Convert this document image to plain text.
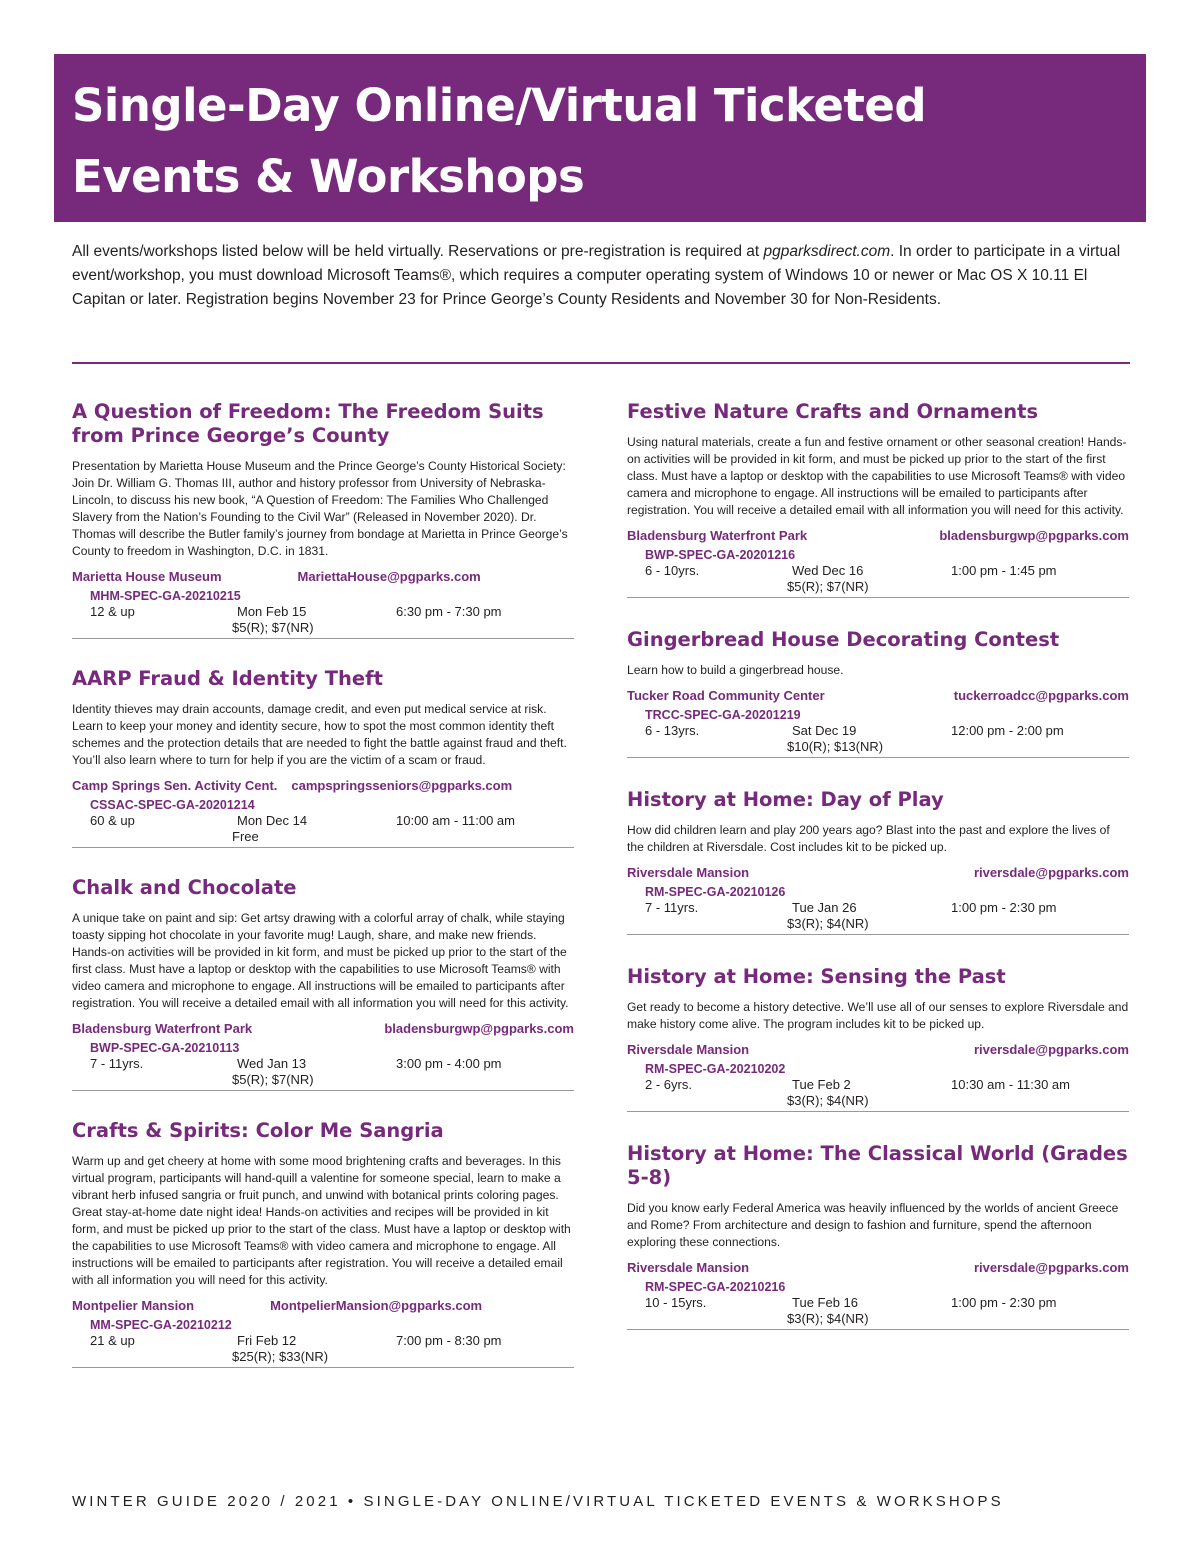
Single-Day Online/Virtual Ticketed
Events & Workshops

All events/workshops listed below will be held virtually. Reservations or pre-registration is required at pgparksdirect.com. In order to participate in a virtual event/workshop, you must download Microsoft Teams®, which requires a computer operating system of Windows 10 or newer or Mac OS X 10.11 El Capitan or later. Registration begins November 23 for Prince George’s County Residents and November 30 for Non-Residents.

A Question of Freedom: The Freedom Suits from Prince George’s County

Presentation by Marietta House Museum and the Prince George’s County Historical Society: Join Dr. William G. Thomas III, author and history professor from University of Nebraska-Lincoln, to discuss his new book, “A Question of Freedom: The Families Who Challenged Slavery from the Nation’s Founding to the Civil War” (Released in November 2020). Dr. Thomas will describe the Butler family’s journey from bondage at Marietta in Prince George’s County to freedom in Washington, D.C. in 1831.

Marietta House Museum	MariettaHouse@pgparks.com
MHM-SPEC-GA-20210215
12 & up	Mon Feb 15	6:30 pm - 7:30 pm
$5(R); $7(NR)
AARP Fraud & Identity Theft

Identity thieves may drain accounts, damage credit, and even put medical service at risk. Learn to keep your money and identity secure, how to spot the most common identity theft schemes and the protection details that are needed to fight the battle against fraud and theft. You’ll also learn where to turn for help if you are the victim of a scam or fraud.

Camp Springs Sen. Activity Cent. campspringsseniors@pgparks.com
CSSAC-SPEC-GA-20201214
60 & up	Mon Dec 14	10:00 am - 11:00 am
Free
Chalk and Chocolate

A unique take on paint and sip: Get artsy drawing with a colorful array of chalk, while staying toasty sipping hot chocolate in your favorite mug! Laugh, share, and make new friends. Hands-on activities will be provided in kit form, and must be picked up prior to the start of the first class. Must have a laptop or desktop with the capabilities to use Microsoft Teams® with video camera and microphone to engage. All instructions will be emailed to participants after registration. You will receive a detailed email with all information you will need for this activity.

Bladensburg Waterfront Park	bladensburgwp@pgparks.com
BWP-SPEC-GA-20210113
7 - 11yrs.	Wed Jan 13	3:00 pm - 4:00 pm
$5(R); $7(NR)
Crafts & Spirits: Color Me Sangria

Warm up and get cheery at home with some mood brightening crafts and beverages. In this virtual program, participants will hand-quill a valentine for someone special, learn to make a vibrant herb infused sangria or fruit punch, and unwind with botanical prints coloring pages. Great stay-at-home date night idea! Hands-on activities and recipes will be provided in kit form, and must be picked up prior to the start of the class. Must have a laptop or desktop with the capabilities to use Microsoft Teams® with video camera and microphone to engage. All instructions will be emailed to participants after registration. You will receive a detailed email with all information you will need for this activity.

Montpelier Mansion	MontpelierMansion@pgparks.com
MM-SPEC-GA-20210212
21 & up	Fri Feb 12	7:00 pm - 8:30 pm
$25(R); $33(NR)
Festive Nature Crafts and Ornaments

Using natural materials, create a fun and festive ornament or other seasonal creation! Hands-on activities will be provided in kit form, and must be picked up prior to the start of the first class. Must have a laptop or desktop with the capabilities to use Microsoft Teams® with video camera and microphone to engage. All instructions will be emailed to participants after registration. You will receive a detailed email with all information you will need for this activity.

Bladensburg Waterfront Park	bladensburgwp@pgparks.com
BWP-SPEC-GA-20201216
6 - 10yrs.	Wed Dec 16	1:00 pm - 1:45 pm
$5(R); $7(NR)
Gingerbread House Decorating Contest

Learn how to build a gingerbread house.

Tucker Road Community Center	tuckerroadcc@pgparks.com
TRCC-SPEC-GA-20201219
6 - 13yrs.	Sat Dec 19	12:00 pm - 2:00 pm
$10(R); $13(NR)
History at Home: Day of Play

How did children learn and play 200 years ago? Blast into the past and explore the lives of the children at Riversdale. Cost includes kit to be picked up.

Riversdale Mansion	riversdale@pgparks.com
RM-SPEC-GA-20210126
7 - 11yrs.	Tue Jan 26	1:00 pm - 2:30 pm
$3(R); $4(NR)
History at Home: Sensing the Past

Get ready to become a history detective. We’ll use all of our senses to explore Riversdale and make history come alive. The program includes kit to be picked up.

Riversdale Mansion	riversdale@pgparks.com
RM-SPEC-GA-20210202
2 - 6yrs.	Tue Feb 2	10:30 am - 11:30 am
$3(R); $4(NR)
History at Home: The Classical World (Grades 5-8)

Did you know early Federal America was heavily influenced by the worlds of ancient Greece and Rome? From architecture and design to fashion and furniture, spend the afternoon exploring these connections.

Riversdale Mansion	riversdale@pgparks.com
RM-SPEC-GA-20210216
10 - 15yrs.	Tue Feb 16	1:00 pm - 2:30 pm
$3(R); $4(NR)
WINTER GUIDE 2020 / 2021 • SINGLE-DAY ONLINE/VIRTUAL TICKETED EVENTS & WORKSHOPS
